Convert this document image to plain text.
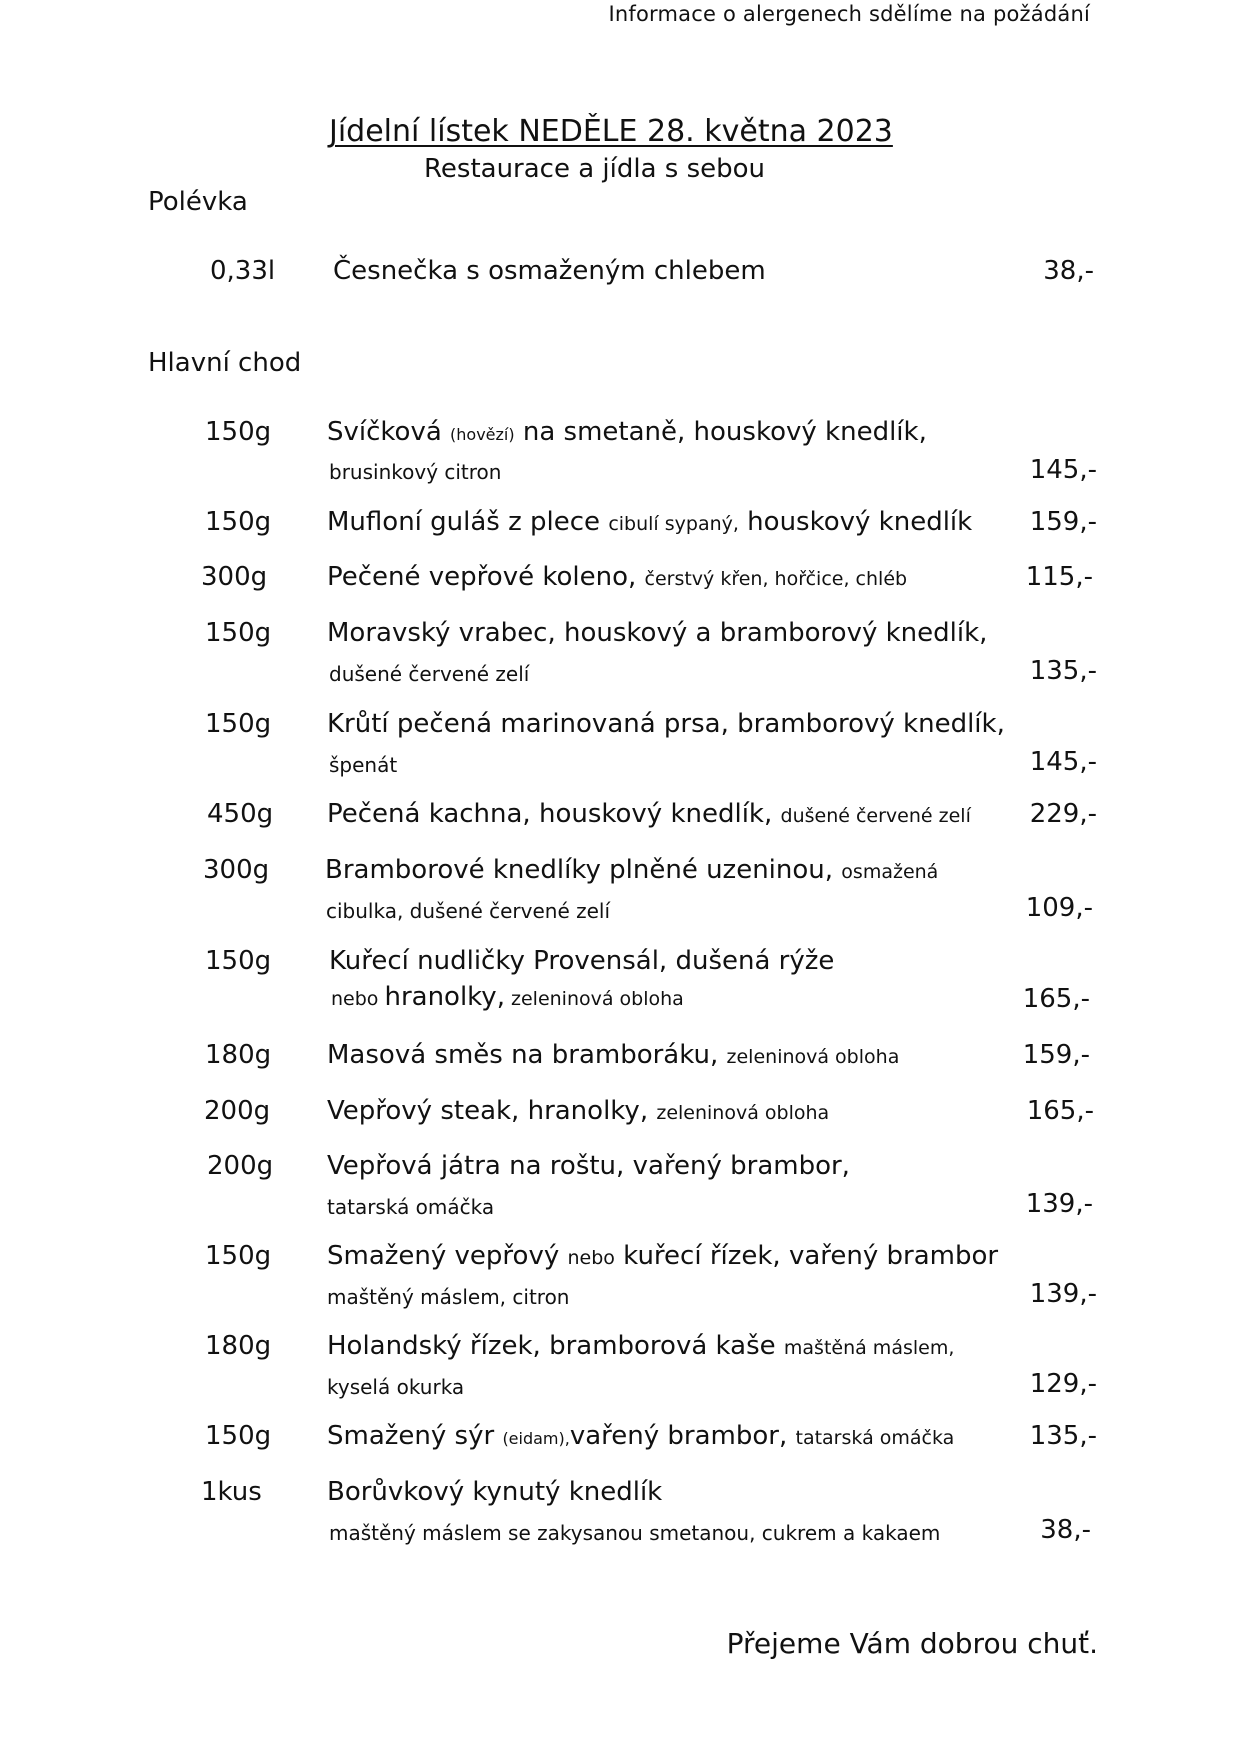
Informace o alergenech sdělíme na požádání
Jídelní lístek NEDĚLE 28. května 2023
Restaurace a jídla s sebou
Polévka
0,33l Česnečka s osmaženým chlebem	38,-
Hlavní chod
150g Svíčková (hovězí) na smetaně, houskový knedlík,
brusinkový citron	145,-
150g Mufloní guláš z plece cibulí sypaný, houskový knedlík 159,-
300g Pečené vepřové koleno, čerstvý křen, hořčice, chléb	115,-
150g Moravský vrabec, houskový a bramborový knedlík,
dušené červené zelí	135,-
150g Krůtí pečená marinovaná prsa, bramborový knedlík,
špenát	145,-
450g Pečená kachna, houskový knedlík, dušené červené zelí 229,-
300g Bramborové knedlíky plněné uzeninou, osmažená
cibulka, dušené červené zelí	109,-
150g Kuřecí nudličky Provensál, dušená rýže
nebo hranolky, zeleninová obloha	165,-
180g Masová směs na bramboráku, zeleninová obloha	159,-
200g Vepřový steak, hranolky, zeleninová obloha	165,-
200g Vepřová játra na roštu, vařený brambor,
tatarská omáčka	139,-
150g Smažený vepřový nebo kuřecí řízek, vařený brambor
maštěný máslem, citron	139,-
180g Holandský řízek, bramborová kaše maštěná máslem,
kyselá okurka	129,-
150g Smažený sýr (eidam),vařený brambor, tatarská omáčka	135,-
1kus	Borůvkový kynutý knedlík
maštěný máslem se zakysanou smetanou, cukrem a kakaem	38,-
Přejeme Vám dobrou chuť.
